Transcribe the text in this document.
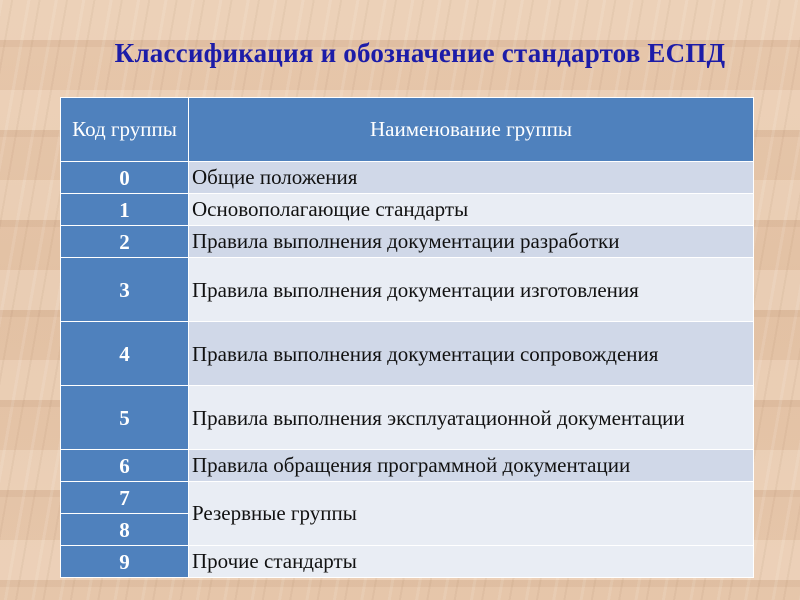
Классификация и обозначение стандартов ЕСПД
Код группы	Наименование группы
0	Общие положения
1	Основополагающие стандарты
2	Правила выполнения документации разработки
3	Правила выполнения документации изготовления
4	Правила выполнения документации сопровождения
5	Правила выполнения эксплуатационной документации
6	Правила обращения программной документации
7	Резервные группы
8	
9	Прочие стандарты
